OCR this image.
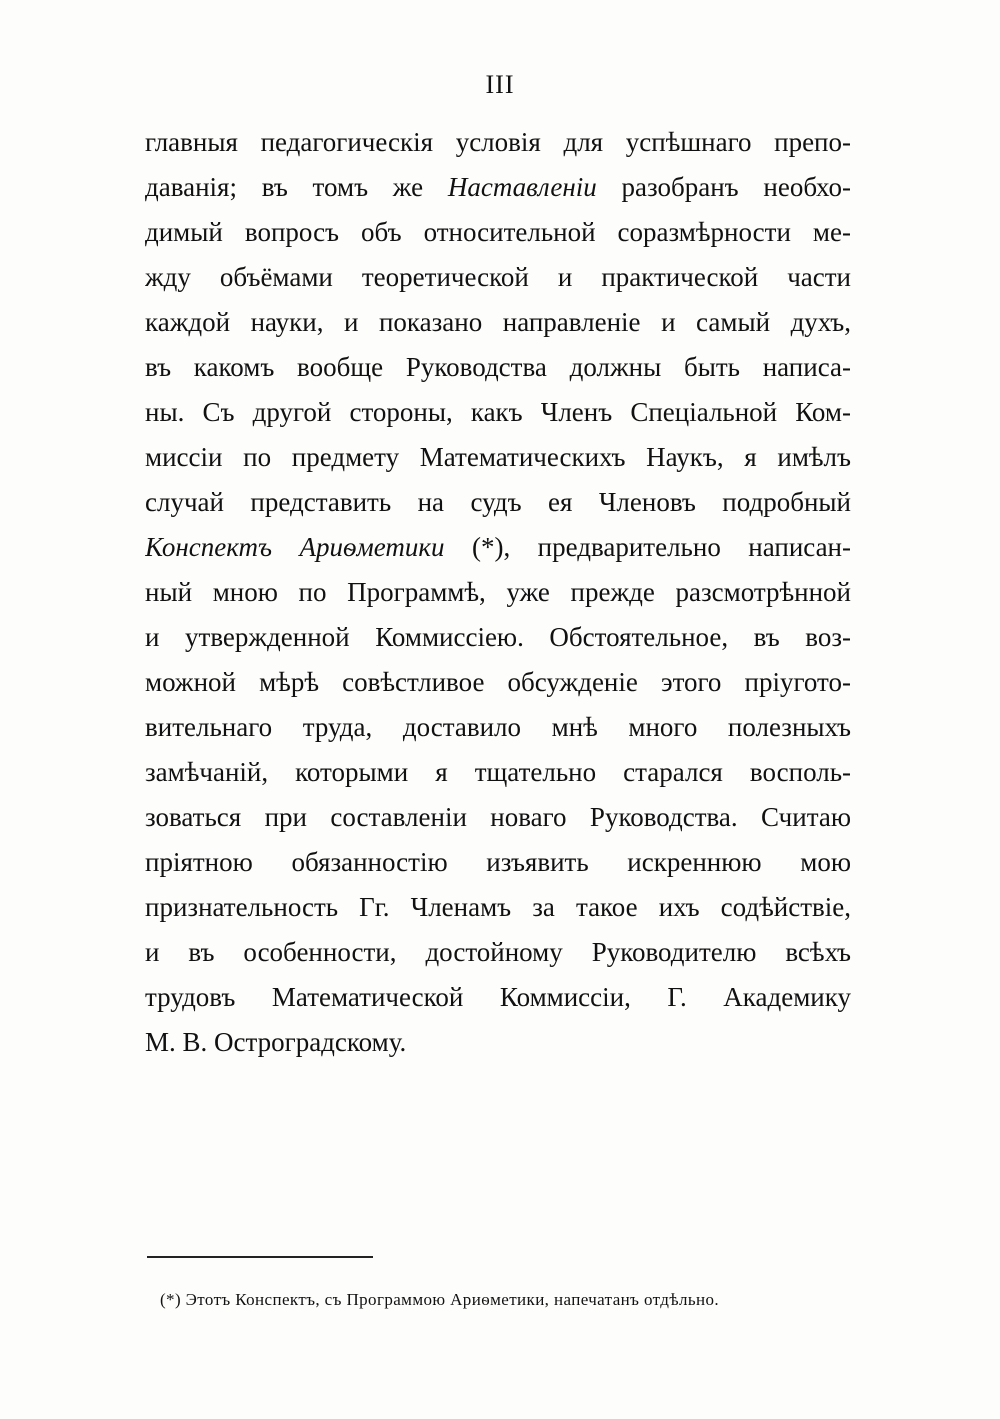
III
главныя педагогическія условія для успѣшнаго препо-
даванія; въ томъ же Наставленіи разобранъ необхо-
димый вопросъ объ относительной соразмѣрности ме-
жду объёмами теоретической и практической части
каждой науки, и показано направленіе и самый духъ,
въ какомъ вообще Руководства должны быть написа-
ны. Съ другой стороны, какъ Членъ Спеціальной Ком-
миссіи по предмету Математическихъ Наукъ, я имѣлъ
случай представить на судъ ея Членовъ подробный
Конспектъ Ариѳметики (*), предварительно написан-
ный мною по Программѣ, уже прежде разсмотрѣнной
и утвержденной Коммиссіею. Обстоятельное, въ воз-
можной мѣрѣ совѣстливое обсужденіе этого пріугото-
вительнаго труда, доставило мнѣ много полезныхъ
замѣчаній, которыми я тщательно старался восполь-
зоваться при составленіи новаго Руководства. Считаю
пріятною обязанностію изъявить искреннюю мою
признательность Гг. Членамъ за такое ихъ содѣйствіе,
и въ особенности, достойному Руководителю всѣхъ
трудовъ Математической Коммиссіи, Г. Академику
М. В. Остроградскому.
(*) Этотъ Конспектъ, съ Программою Ариѳметики, напечатанъ отдѣльно.
